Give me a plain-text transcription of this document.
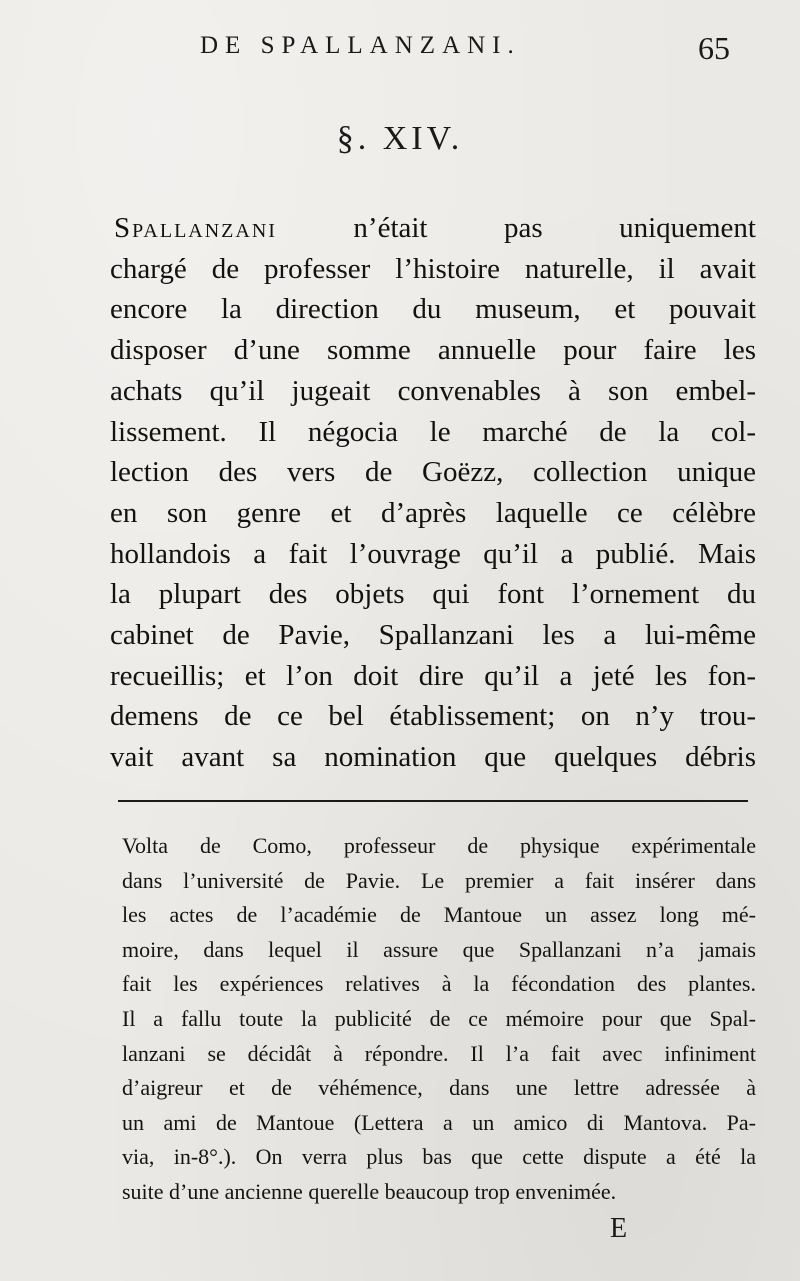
DE SPALLANZANI.	65
§. XIV.
Spallanzani n’était pas uniquement
chargé de professer l’histoire naturelle, il avait
encore la direction du museum, et pouvait
disposer d’une somme annuelle pour faire les
achats qu’il jugeait convenables à son embel-
lissement. Il négocia le marché de la col-
lection des vers de Goëzz, collection unique
en son genre et d’après laquelle ce célèbre
hollandois a fait l’ouvrage qu’il a publié. Mais
la plupart des objets qui font l’ornement du
cabinet de Pavie, Spallanzani les a lui-même
recueillis; et l’on doit dire qu’il a jeté les fon-
demens de ce bel établissement; on n’y trou-
vait avant sa nomination que quelques débris
Volta de Como, professeur de physique expérimentale
dans l’université de Pavie. Le premier a fait insérer dans
les actes de l’académie de Mantoue un assez long mé-
moire, dans lequel il assure que Spallanzani n’a jamais
fait les expériences relatives à la fécondation des plantes.
Il a fallu toute la publicité de ce mémoire pour que Spal-
lanzani se décidât à répondre. Il l’a fait avec infiniment
d’aigreur et de véhémence, dans une lettre adressée à
un ami de Mantoue (Lettera a un amico di Mantova. Pa-
via, in-8°.). On verra plus bas que cette dispute a été la
suite d’une ancienne querelle beaucoup trop envenimée.
E
